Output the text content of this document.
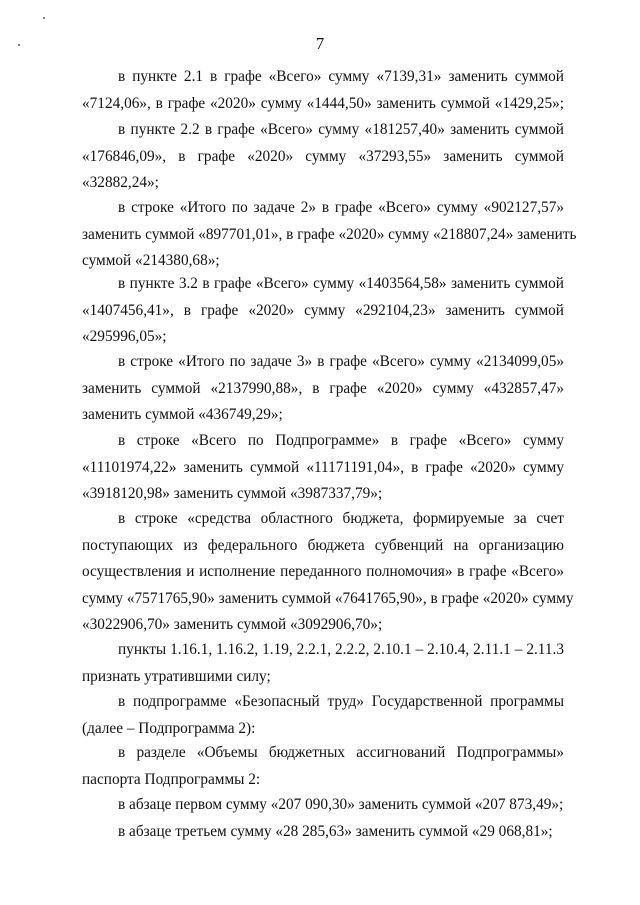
7
в пункте 2.1 в графе «Всего» сумму «7139,31» заменить суммой
«7124,06», в графе «2020» сумму «1444,50» заменить суммой «1429,25»;
в пункте 2.2 в графе «Всего» сумму «181257,40» заменить суммой
«176846,09», в графе «2020» сумму «37293,55» заменить суммой
«32882,24»;
в строке «Итого по задаче 2» в графе «Всего» сумму «902127,57»
заменить суммой «897701,01», в графе «2020» сумму «218807,24» заменить
суммой «214380,68»;
в пункте 3.2 в графе «Всего» сумму «1403564,58» заменить суммой
«1407456,41», в графе «2020» сумму «292104,23» заменить суммой
«295996,05»;
в строке «Итого по задаче 3» в графе «Всего» сумму «2134099,05»
заменить суммой «2137990,88», в графе «2020» сумму «432857,47»
заменить суммой «436749,29»;
в строке «Всего по Подпрограмме» в графе «Всего» сумму
«11101974,22» заменить суммой «11171191,04», в графе «2020» сумму
«3918120,98» заменить суммой «3987337,79»;
в строке «средства областного бюджета, формируемые за счет
поступающих из федерального бюджета субвенций на организацию
осуществления и исполнение переданного полномочия» в графе «Всего»
сумму «7571765,90» заменить суммой «7641765,90», в графе «2020» сумму
«3022906,70» заменить суммой «3092906,70»;
пункты 1.16.1, 1.16.2, 1.19, 2.2.1, 2.2.2, 2.10.1 – 2.10.4, 2.11.1 – 2.11.3
признать утратившими силу;
в подпрограмме «Безопасный труд» Государственной программы
(далее – Подпрограмма 2):
в разделе «Объемы бюджетных ассигнований Подпрограммы»
паспорта Подпрограммы 2:
в абзаце первом сумму «207 090,30» заменить суммой «207 873,49»;
в абзаце третьем сумму «28 285,63» заменить суммой «29 068,81»;
